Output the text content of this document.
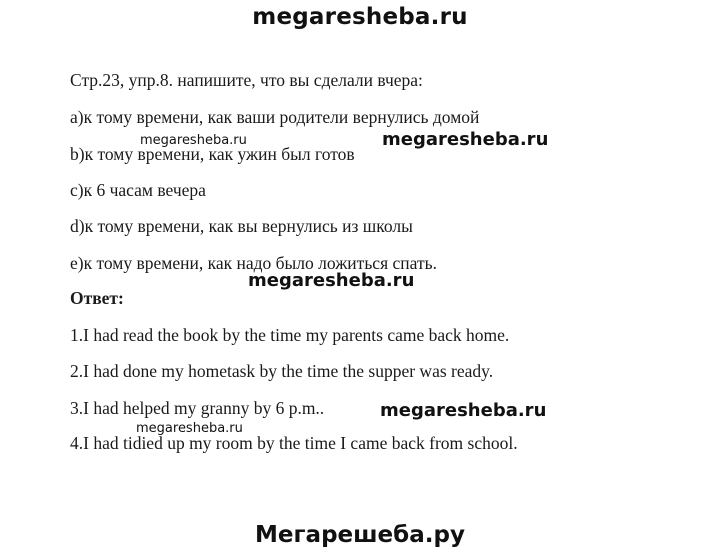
megaresheba.ru
Стр.23, упр.8. напишите, что вы сделали вчера:
а)к тому времени, как ваши родители вернулись домой
b)к тому времени, как ужин был готов
с)к 6 часам вечера
d)к тому времени, как вы вернулись из школы
е)к тому времени, как надо было ложиться спать.
Ответ:
1.I had read the book by the time my parents came back home.
2.I had done my hometask by the time the supper was ready.
3.I had helped my granny by 6 p.m..
4.I had tidied up my room by the time I came back from school.
megaresheba.ru	megaresheba.ru
megaresheba.ru
megaresheba.ru
megaresheba.ru
Мегарешеба.ру
